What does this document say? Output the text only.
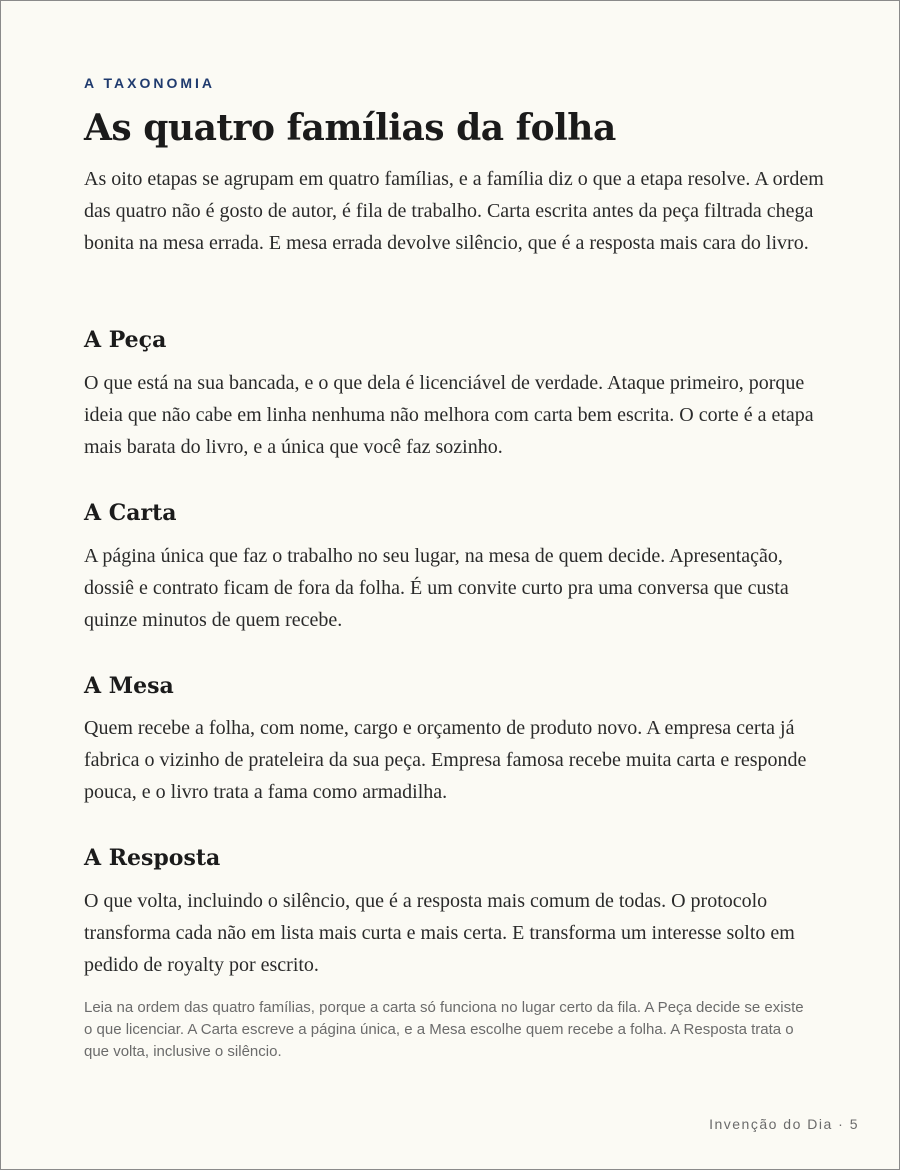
A TAXONOMIA
As quatro famílias da folha

As oito etapas se agrupam em quatro famílias, e a família diz o que a etapa resolve. A ordem das quatro não é gosto de autor, é fila de trabalho. Carta escrita antes da peça filtrada chega bonita na mesa errada. E mesa errada devolve silêncio, que é a resposta mais cara do livro.

A Peça

O que está na sua bancada, e o que dela é licenciável de verdade. Ataque primeiro, porque ideia que não cabe em linha nenhuma não melhora com carta bem escrita. O corte é a etapa mais barata do livro, e a única que você faz sozinho.

A Carta

A página única que faz o trabalho no seu lugar, na mesa de quem decide. Apresentação, dossiê e contrato ficam de fora da folha. É um convite curto pra uma conversa que custa quinze minutos de quem recebe.

A Mesa

Quem recebe a folha, com nome, cargo e orçamento de produto novo. A empresa certa já fabrica o vizinho de prateleira da sua peça. Empresa famosa recebe muita carta e responde pouca, e o livro trata a fama como armadilha.

A Resposta

O que volta, incluindo o silêncio, que é a resposta mais comum de todas. O protocolo transforma cada não em lista mais curta e mais certa. E transforma um interesse solto em pedido de royalty por escrito.

Leia na ordem das quatro famílias, porque a carta só funciona no lugar certo da fila. A Peça decide se existe o que licenciar. A Carta escreve a página única, e a Mesa escolhe quem recebe a folha. A Resposta trata o que volta, inclusive o silêncio.

Invenção do Dia · 5
